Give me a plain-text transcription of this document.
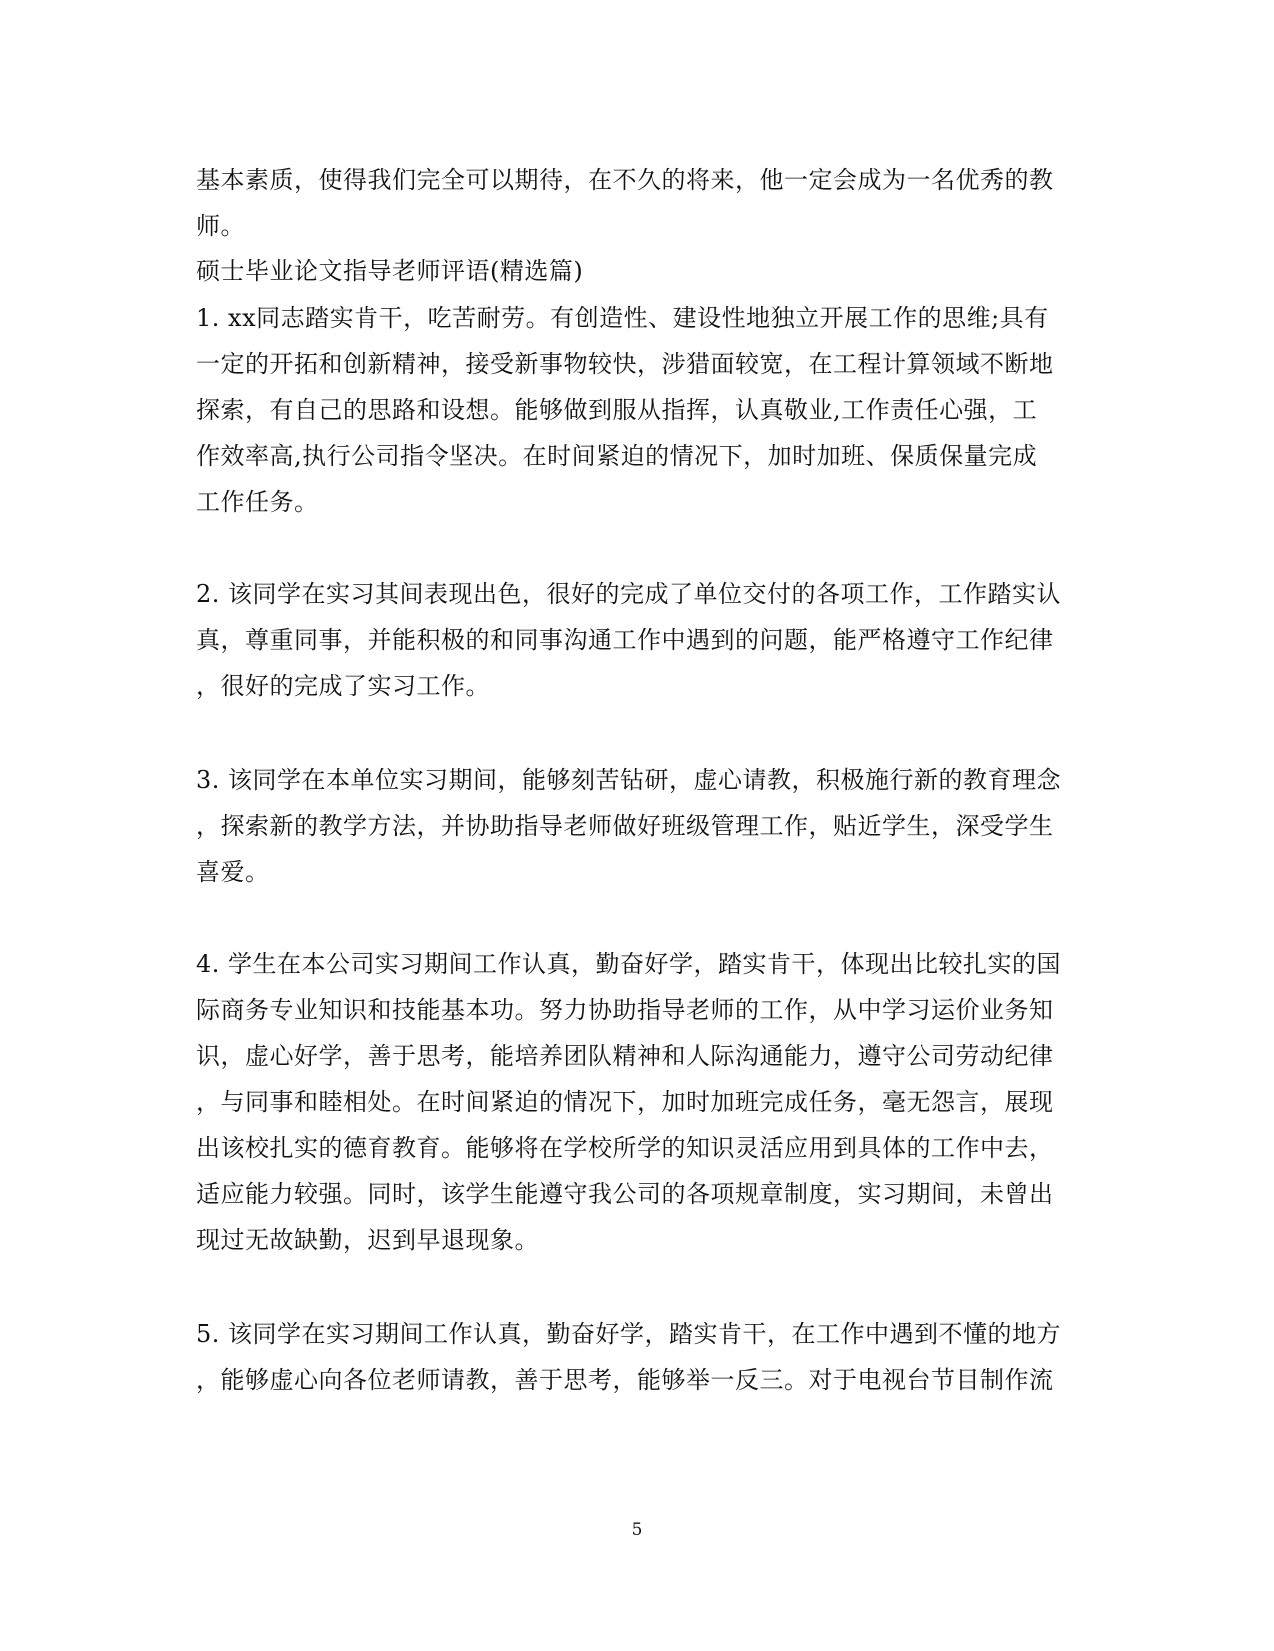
基本素质，使得我们完全可以期待，在不久的将来，他一定会成为一名优秀的教
师。
硕士毕业论文指导老师评语(精选篇)
1. xx同志踏实肯干，吃苦耐劳。有创造性、建设性地独立开展工作的思维;具有
一定的开拓和创新精神，接受新事物较快，涉猎面较宽，在工程计算领域不断地
探索，有自己的思路和设想。能够做到服从指挥，认真敬业,工作责任心强，工
作效率高,执行公司指令坚决。在时间紧迫的情况下，加时加班、保质保量完成
工作任务。
2. 该同学在实习其间表现出色，很好的完成了单位交付的各项工作，工作踏实认
真，尊重同事，并能积极的和同事沟通工作中遇到的问题，能严格遵守工作纪律
，很好的完成了实习工作。
3. 该同学在本单位实习期间，能够刻苦钻研，虚心请教，积极施行新的教育理念
，探索新的教学方法，并协助指导老师做好班级管理工作，贴近学生，深受学生
喜爱。
4. 学生在本公司实习期间工作认真，勤奋好学，踏实肯干，体现出比较扎实的国
际商务专业知识和技能基本功。努力协助指导老师的工作，从中学习运价业务知
识，虚心好学，善于思考，能培养团队精神和人际沟通能力，遵守公司劳动纪律
，与同事和睦相处。在时间紧迫的情况下，加时加班完成任务，毫无怨言，展现
出该校扎实的德育教育。能够将在学校所学的知识灵活应用到具体的工作中去，
适应能力较强。同时，该学生能遵守我公司的各项规章制度，实习期间，未曾出
现过无故缺勤，迟到早退现象。
5. 该同学在实习期间工作认真，勤奋好学，踏实肯干，在工作中遇到不懂的地方
，能够虚心向各位老师请教，善于思考，能够举一反三。对于电视台节目制作流
5
